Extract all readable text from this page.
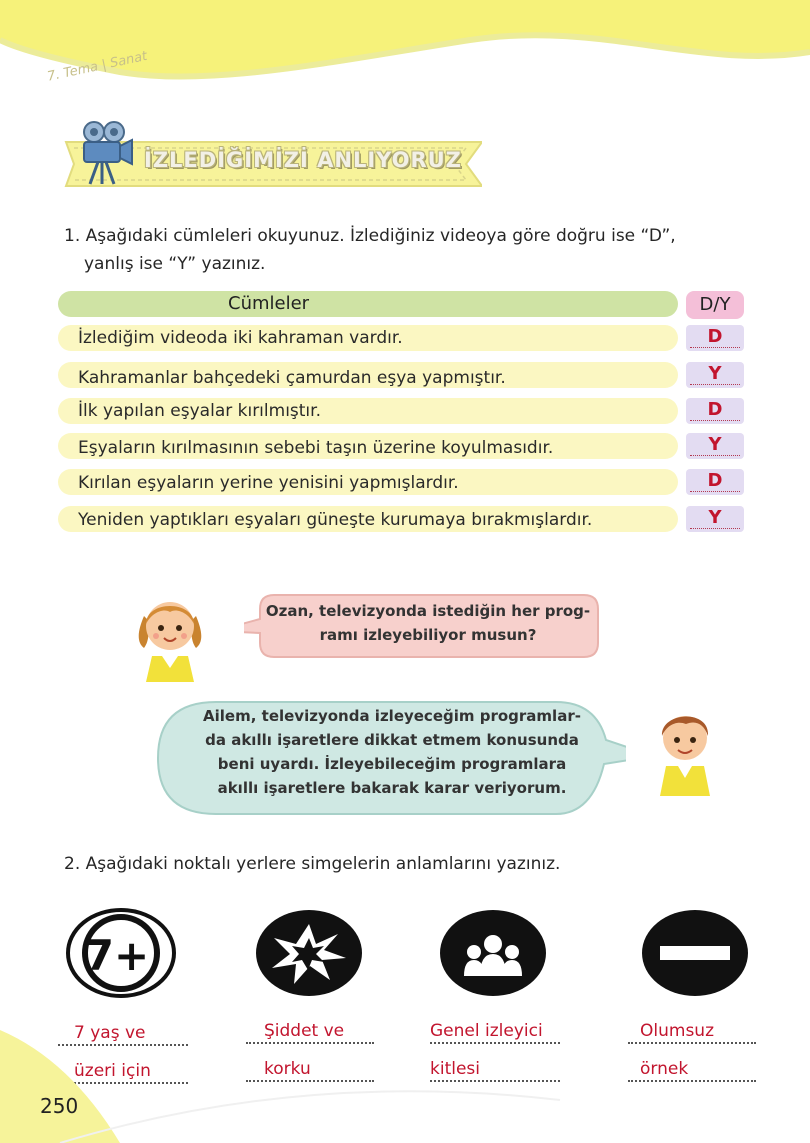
7. Tema | Sanat
İZLEDİĞİMİZİ ANLIYORUZ
1. Aşağıdaki cümleleri okuyunuz. İzlediğiniz videoya göre doğru ise “D”,
yanlış ise “Y” yazınız.
Cümleler	D/Y
İzlediğim videoda iki kahraman vardır.	D
Kahramanlar bahçedeki çamurdan eşya yapmıştır.	Y
İlk yapılan eşyalar kırılmıştır.	D
Eşyaların kırılmasının sebebi taşın üzerine koyulmasıdır.	Y
Kırılan eşyaların yerine yenisini yapmışlardır.	D
Yeniden yaptıkları eşyaları güneşte kurumaya bırakmışlardır.	Y
Ozan, televizyonda istediğin her prog-
ramı izleyebiliyor musun?
Ailem, televizyonda izleyeceğim programlar-
da akıllı işaretlere dikkat etmem konusunda
beni uyardı. İzleyebileceğim programlara
akıllı işaretlere bakarak karar veriyorum.
2. Aşağıdaki noktalı yerlere simgelerin anlamlarını yazınız.
7+
7 yaş ve
üzeri için
Şiddet ve
korku
Genel izleyici
kitlesi
Olumsuz
örnek
250
